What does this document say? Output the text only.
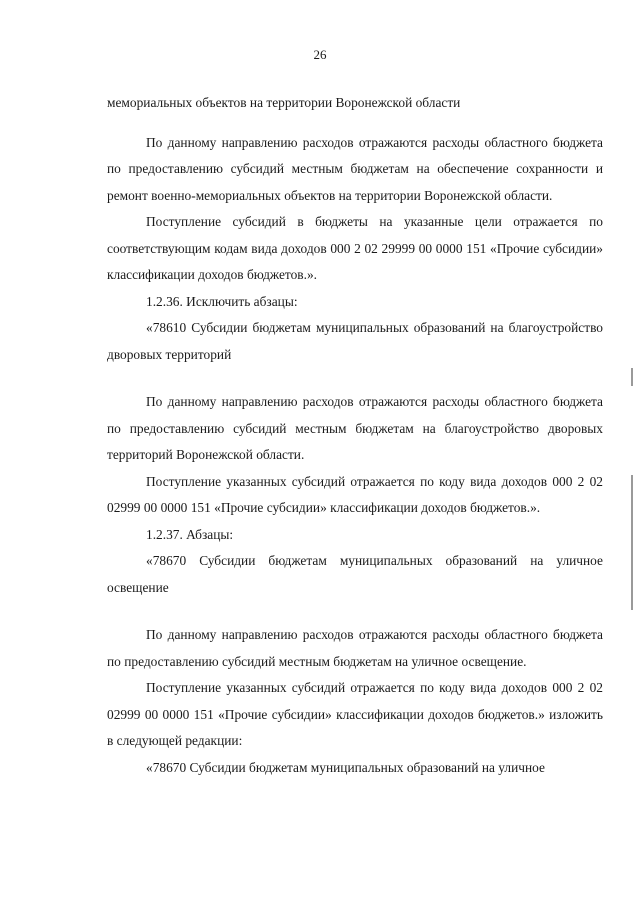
26

мемориальных объектов на территории Воронежской области

По данному направлению расходов отражаются расходы областного бюджета по предоставлению субсидий местным бюджетам на обеспечение сохранности и ремонт военно-мемориальных объектов на территории Воронежской области.

Поступление субсидий в бюджеты на указанные цели отражается по соответствующим кодам вида доходов 000 2 02 29999 00 0000 151 «Прочие субсидии» классификации доходов бюджетов.».

1.2.36. Исключить абзацы:

«78610 Субсидии бюджетам муниципальных образований на благоустройство дворовых территорий

По данному направлению расходов отражаются расходы областного бюджета по предоставлению субсидий местным бюджетам на благоустройство дворовых территорий Воронежской области.

Поступление указанных субсидий отражается по коду вида доходов 000 2 02 02999 00 0000 151 «Прочие субсидии» классификации доходов бюджетов.».

1.2.37. Абзацы:

«78670 Субсидии бюджетам муниципальных образований на уличное освещение

По данному направлению расходов отражаются расходы областного бюджета по предоставлению субсидий местным бюджетам на уличное освещение.

Поступление указанных субсидий отражается по коду вида доходов 000 2 02 02999 00 0000 151 «Прочие субсидии» классификации доходов бюджетов.» изложить в следующей редакции:

«78670 Субсидии бюджетам муниципальных образований на уличное
